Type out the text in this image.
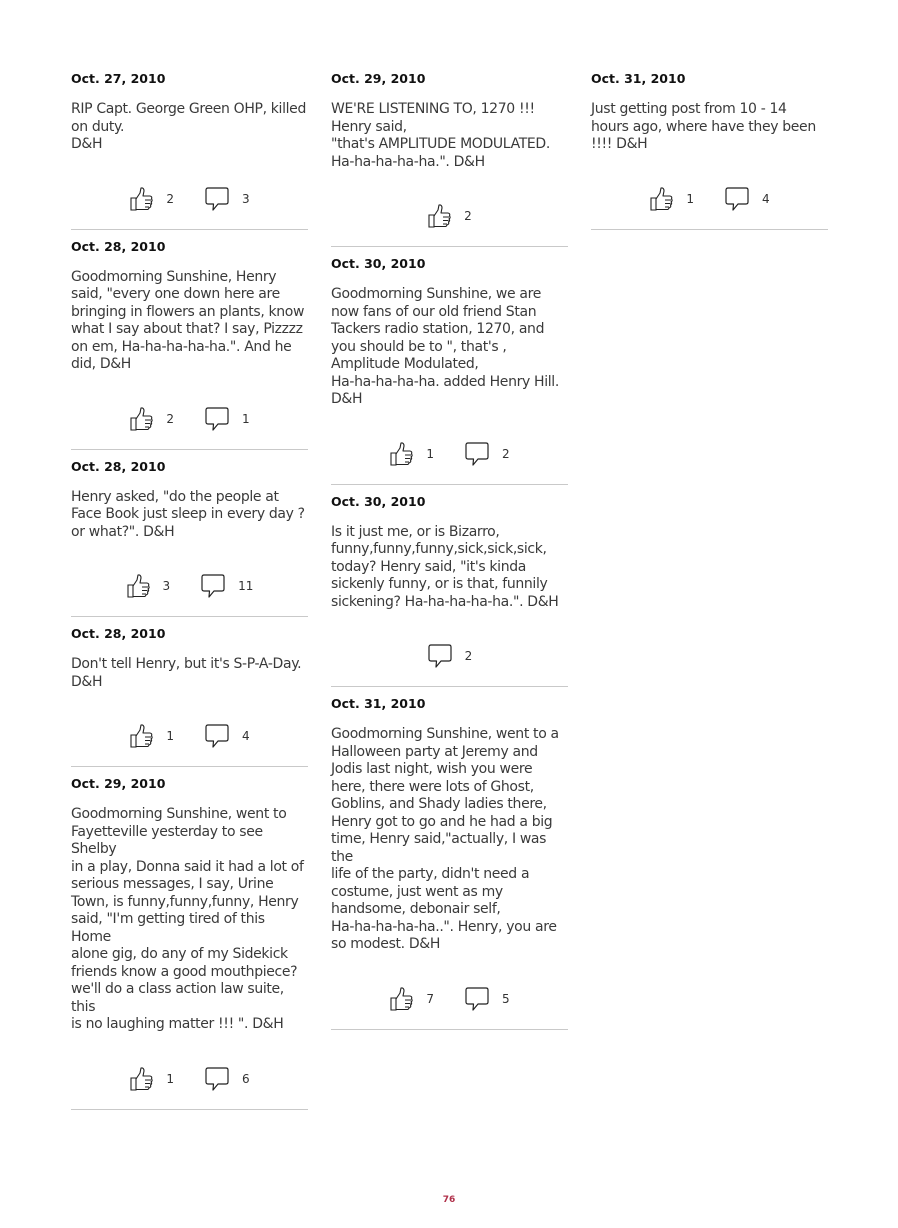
Oct. 27, 2010
RIP Capt. George Green OHP, killed
on duty.
D&H
2	3
Oct. 28, 2010
Goodmorning Sunshine, Henry
said, "every one down here are
bringing in flowers an plants, know
what I say about that? I say, Pizzzz
on em, Ha-ha-ha-ha-ha.". And he
did, D&H
2	1
Oct. 28, 2010
Henry asked, "do the people at
Face Book just sleep in every day ?
or what?". D&H
3	11
Oct. 28, 2010
Don't tell Henry, but it's S-P-A-Day.
D&H
1	4
Oct. 29, 2010
Goodmorning Sunshine, went to
Fayetteville yesterday to see Shelby
in a play, Donna said it had a lot of
serious messages, I say, Urine
Town, is funny,funny,funny, Henry
said, "I'm getting tired of this Home
alone gig, do any of my Sidekick
friends know a good mouthpiece?
we'll do a class action law suite, this
is no laughing matter !!! ". D&H
1	6
Oct. 29, 2010
WE'RE LISTENING TO, 1270 !!!
Henry said,
"that's AMPLITUDE MODULATED.
Ha-ha-ha-ha-ha.". D&H
2
Oct. 30, 2010
Goodmorning Sunshine, we are
now fans of our old friend Stan
Tackers radio station, 1270, and
you should be to ", that's ,
Amplitude Modulated,
Ha-ha-ha-ha-ha. added Henry Hill.
D&H
1	2
Oct. 30, 2010
Is it just me, or is Bizarro,
funny,funny,funny,sick,sick,sick,
today? Henry said, "it's kinda
sickenly funny, or is that, funnily
sickening? Ha-ha-ha-ha-ha.". D&H
2
Oct. 31, 2010
Goodmorning Sunshine, went to a
Halloween party at Jeremy and
Jodis last night, wish you were
here, there were lots of Ghost,
Goblins, and Shady ladies there,
Henry got to go and he had a big
time, Henry said,"actually, I was the
life of the party, didn't need a
costume, just went as my
handsome, debonair self,
Ha-ha-ha-ha-ha..". Henry, you are
so modest. D&H
7	5
Oct. 31, 2010
Just getting post from 10 - 14
hours ago, where have they been
!!!! D&H
1	4
76
